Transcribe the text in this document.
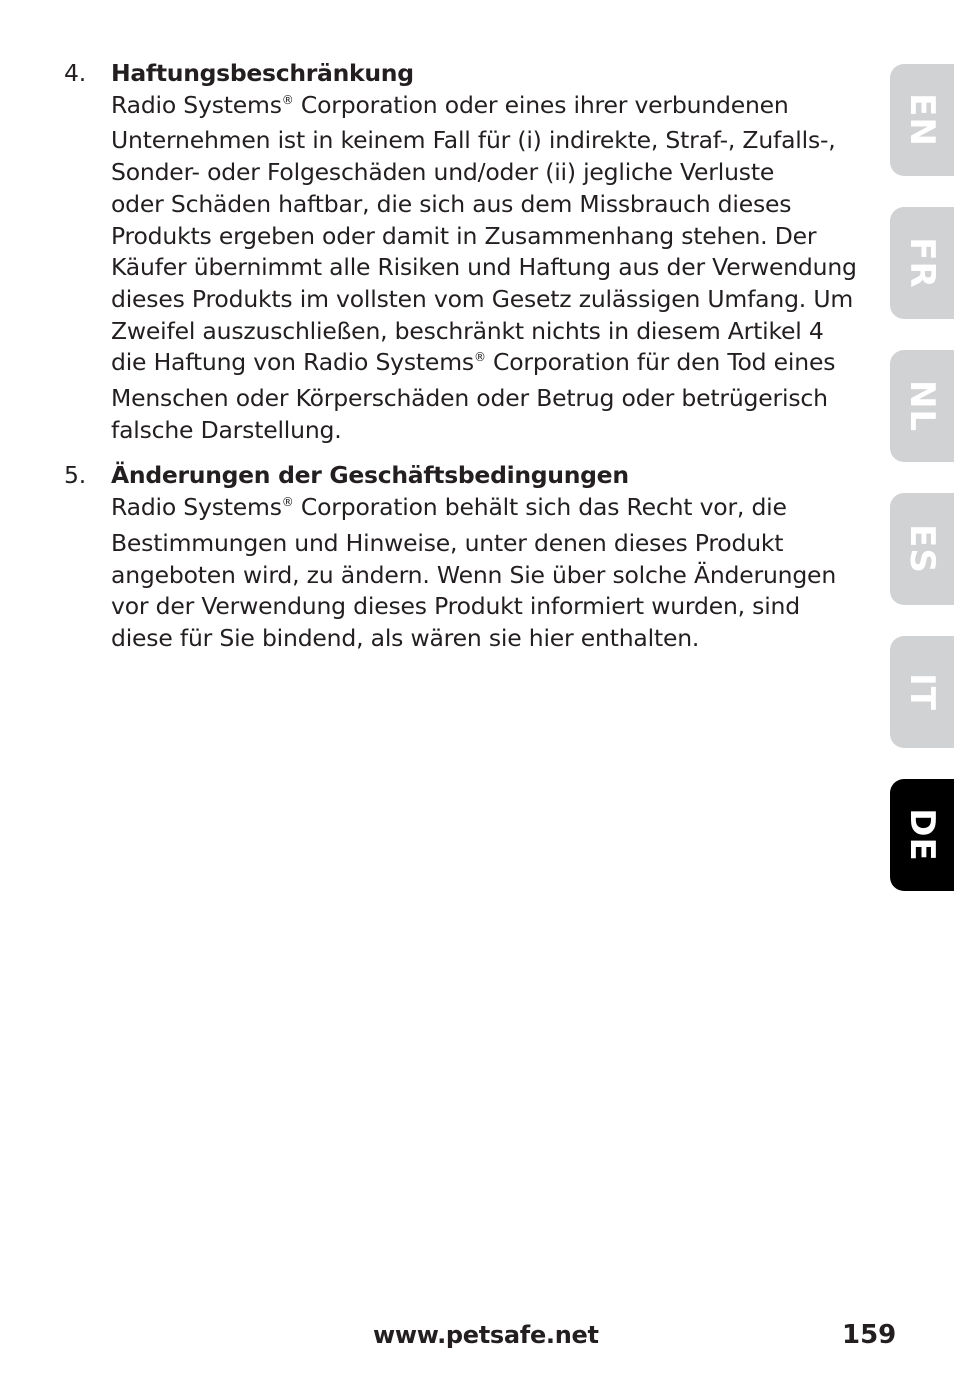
4. Haftungsbeschränkung

Radio Systems® Corporation oder eines ihrer verbundenen

Unternehmen ist in keinem Fall für (i) indirekte, Straf-, Zufalls-,

Sonder- oder Folgeschäden und/oder (ii) jegliche Verluste

oder Schäden haftbar, die sich aus dem Missbrauch dieses

Produkts ergeben oder damit in Zusammenhang stehen. Der

Käufer übernimmt alle Risiken und Haftung aus der Verwendung

dieses Produkts im vollsten vom Gesetz zulässigen Umfang. Um

Zweifel auszuschließen, beschränkt nichts in diesem Artikel 4

die Haftung von Radio Systems® Corporation für den Tod eines

Menschen oder Körperschäden oder Betrug oder betrügerisch

falsche Darstellung.

5. Änderungen der Geschäftsbedingungen

Radio Systems® Corporation behält sich das Recht vor, die

Bestimmungen und Hinweise, unter denen dieses Produkt

angeboten wird, zu ändern. Wenn Sie über solche Änderungen

vor der Verwendung dieses Produkt informiert wurden, sind

diese für Sie bindend, als wären sie hier enthalten.

EN
FR
NL
ES
IT
DE
www.petsafe.net	159
